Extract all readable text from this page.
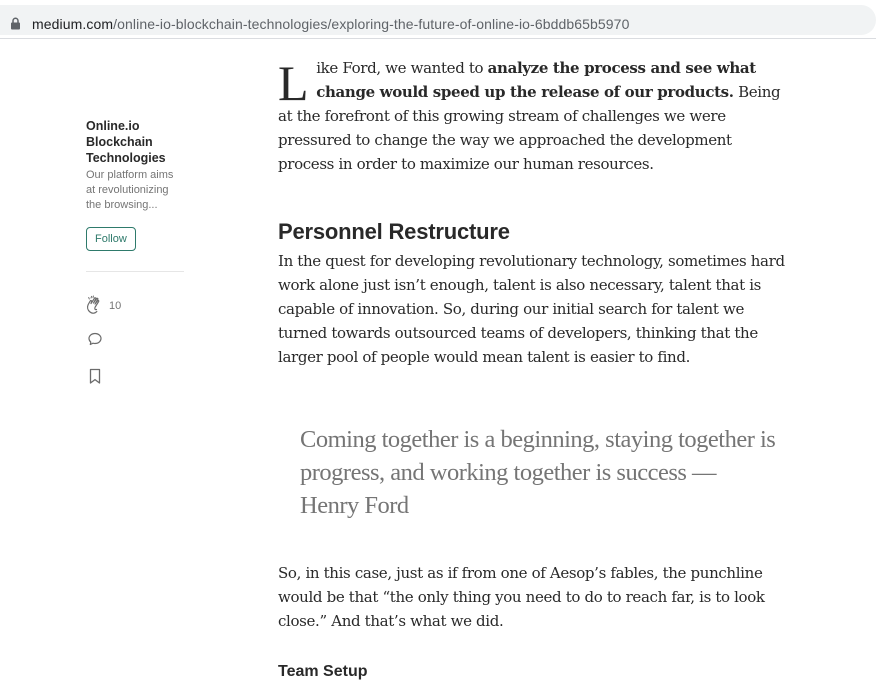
medium.com/online-io-blockchain-technologies/exploring-the-future-of-online-io-6bddb65b5970
Online.io Blockchain Technologies
Our platform aims at revolutionizing the browsing...
Follow
10

Like Ford, we wanted to analyze the process and see what change would speed up the release of our products. Being at the forefront of this growing stream of challenges we were pressured to change the way we approached the development process in order to maximize our human resources.

Personnel Restructure

In the quest for developing revolutionary technology, sometimes hard work alone just isn’t enough, talent is also necessary, talent that is capable of innovation. So, during our initial search for talent we turned towards outsourced teams of developers, thinking that the larger pool of people would mean talent is easier to find.

Coming together is a beginning, staying together is progress, and working together is success — Henry Ford

So, in this case, just as if from one of Aesop’s fables, the punchline would be that “the only thing you need to do to reach far, is to look close.” And that’s what we did.

Team Setup
